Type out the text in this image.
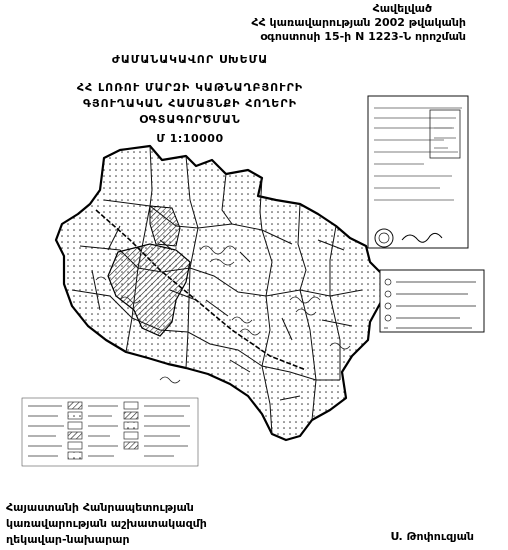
Հավելված
ՀՀ կառավարության 2002 թվականի
օգոստոսի 15-ի N 1223-Ն որոշման
ԺԱՄԱՆԱԿԱՎՈՐ ՍԽԵՄԱ
ՀՀ ԼՈՌՈՒ ՄԱՐԶԻ ԿԱԹՆԱՂԲՅՈՒՐԻ
ԳՅՈՒՂԱԿԱՆ ՀԱՄԱՅՆՔԻ ՀՈՂԵՐԻ
ՕԳՏԱԳՈՐԾՄԱՆ
Մ 1:10000
Հայաստանի Հանրապետության
կառավարության աշխատակազմի
ղեկավար-նախարար	Ս. Թոփուզյան
